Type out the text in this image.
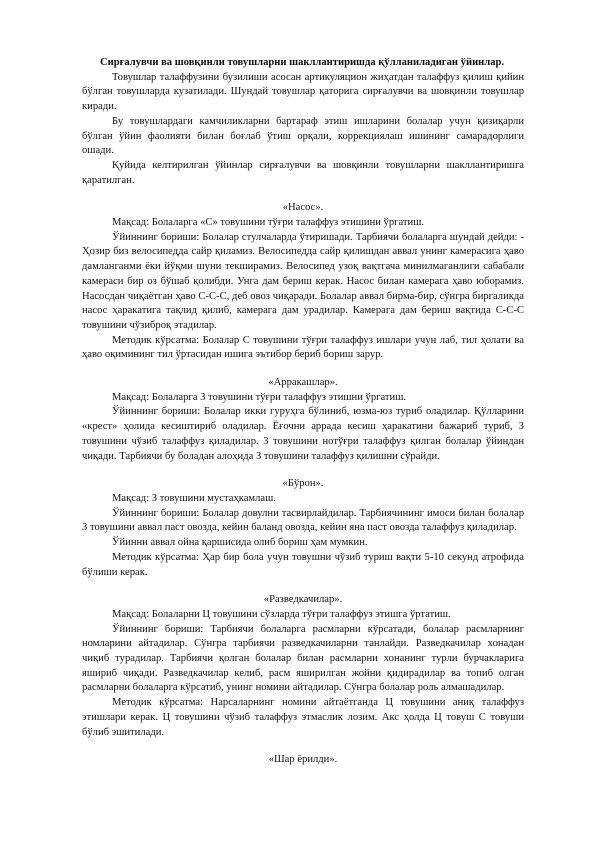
Сирғалувчи ва шовқинли товушларни шакллантиришда қўлланиладиган ўйинлар.

Товушлар талаффузини бузилиши асосан артикуляцион жиҳатдан талаффуз қилиш қийин бўлган товушларда кузатилади. Шундай товушлар қаторига сирғалувчи ва шовқинли товушлар киради.

Бу товушлардаги камчиликларни бартараф этиш ишларини болалар учун қизиқарли бўлган ўйин фаолияти билан боғлаб ўтиш орқали, коррекциялаш ишининг самарадорлиги ошади.

Қуйида келтирилган ўйинлар сирғалувчи ва шовқинли товушларни шакллантиришга қаратилган.

«Насос».

Мақсад: Болаларга «С» товушини тўғри талаффуз этишини ўргатиш.

Ўйиннинг бориши: Болалар стулчаларда ўтиришади. Тарбиячи болаларга шундай дейди: - Ҳозир биз велосипедда сайр қиламиз. Велосипедда сайр қилишдан аввал унинг камерасига ҳаво дамланганми ёки йўқми шуни текширамиз. Велосипед узоқ вақтгача минилмаганлиги сабабали камераси бир оз бўшаб қолибди. Унга дам бериш керак. Насос билан камерага ҳаво юборамиз. Насосдан чиқаётган ҳаво С-С-С, деб овоз чиқаради. Болалар аввал бирма-бир, сўнгра биргаликда насос ҳаракатига тақлид қилиб, камерага дам урадилар. Камерага дам бериш вақтида С-С-С товушини чўзиброқ этадилар.

Методик кўрсатма: Болалар С товушини тўғри талаффуз ишлари учун лаб, тил ҳолати ва ҳаво оқимининг тил ўртасидан ишига эътибор бериб бориш зарур.

«Арракашлар».

Мақсад: Болаларга З товушини тўғри талаффуз этишни ўргатиш.

Ўйиннинг бориши: Болалар икки гуруҳга бўлиниб, юзма-юз туриб оладилар. Қўлларини «крест» ҳолида кесиштириб оладилар. Ёғочни аррада кесиш ҳаракатини бажариб туриб, З товушини чўзиб талаффуз қиладилар. З товушини нотўғри талаффуз қилган болалар ўйиндан чиқади. Тарбиячи бу боладан алоҳида З товушини талаффуз қилишни сўрайди.

«Бўрон».

Мақсад: З товушини мустаҳкамлаш.

Ўйиннинг бориши: Болалар довулни тасвирлайдилар. Тарбиячининг имоси билан болалар З товушини аввал паст овозда, кейин баланд овозда, кейин яна паст овозда талаффуз қиладилар.

Ўйинни аввал ойна қаршисида олиб бориш ҳам мумкин.

Методик кўрсатма: Ҳар бир бола учун товушни чўзиб туриш вақти 5-10 секунд атрофида бўлиши керак.

«Разведкачилар».

Мақсад: Болаларни Ц товушини сўзларда тўғри талаффуз этишга ўртатиш.

Ўйиннинг бориши: Тарбиячи болаларга расмларни кўрсатади, болалар расмларнинг номларини айтадилар. Сўнгра тарбиячи разведкачиларни танлайди. Разведкачилар хонадан чиқиб турадилар. Тарбиячи қолган болалар билан расмларни хонанинг турли бурчакларига яшириб чиқади. Разведкачилар келиб, расм яширилган жойни қидирадилар ва топиб олган расмларни болаларга кўрсатиб, унинг номини айтадилар. Сўнгра болалар роль алмашадилар.

Методик кўрсатма: Нарсаларнинг номини айтаётганда Ц товушини аниқ талаффуз этишлари керак. Ц товушини чўзиб талаффуз этмаслик лозим. Акс ҳолда Ц товуш С товуши бўлиб эшитилади.

«Шар ёрилди».
